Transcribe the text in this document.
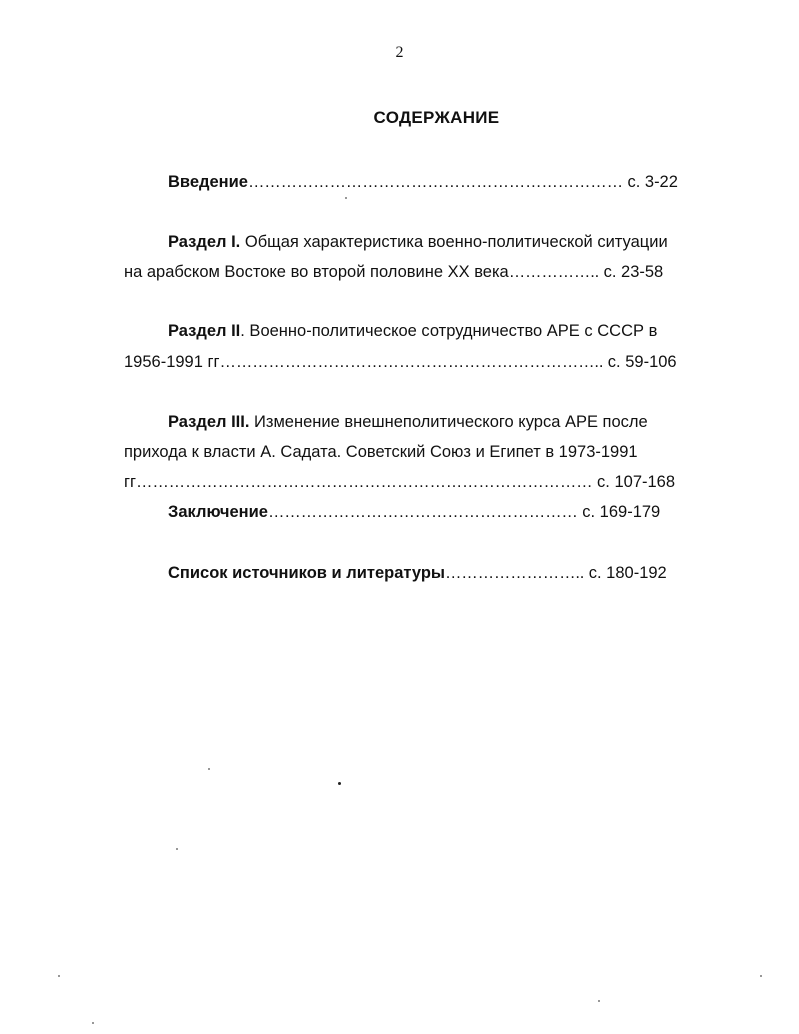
2
СОДЕРЖАНИЕ
Введение…………………………………………………………… с. 3-22
Раздел I. Общая характеристика военно-политической ситуации
на арабском Востоке во второй половине XX века…………….. с. 23-58
Раздел II. Военно-политическое сотрудничество АРЕ с СССР в
1956-1991 гг…………………………………………………………….. с. 59-106
Раздел III. Изменение внешнеполитического курса АРЕ после
прихода к власти А. Садата. Советский Союз и Египет в 1973-1991
гг………………………………………………………………………… с. 107-168
Заключение………………………………………………… с. 169-179
Список источников и литературы…………………….. с. 180-192
